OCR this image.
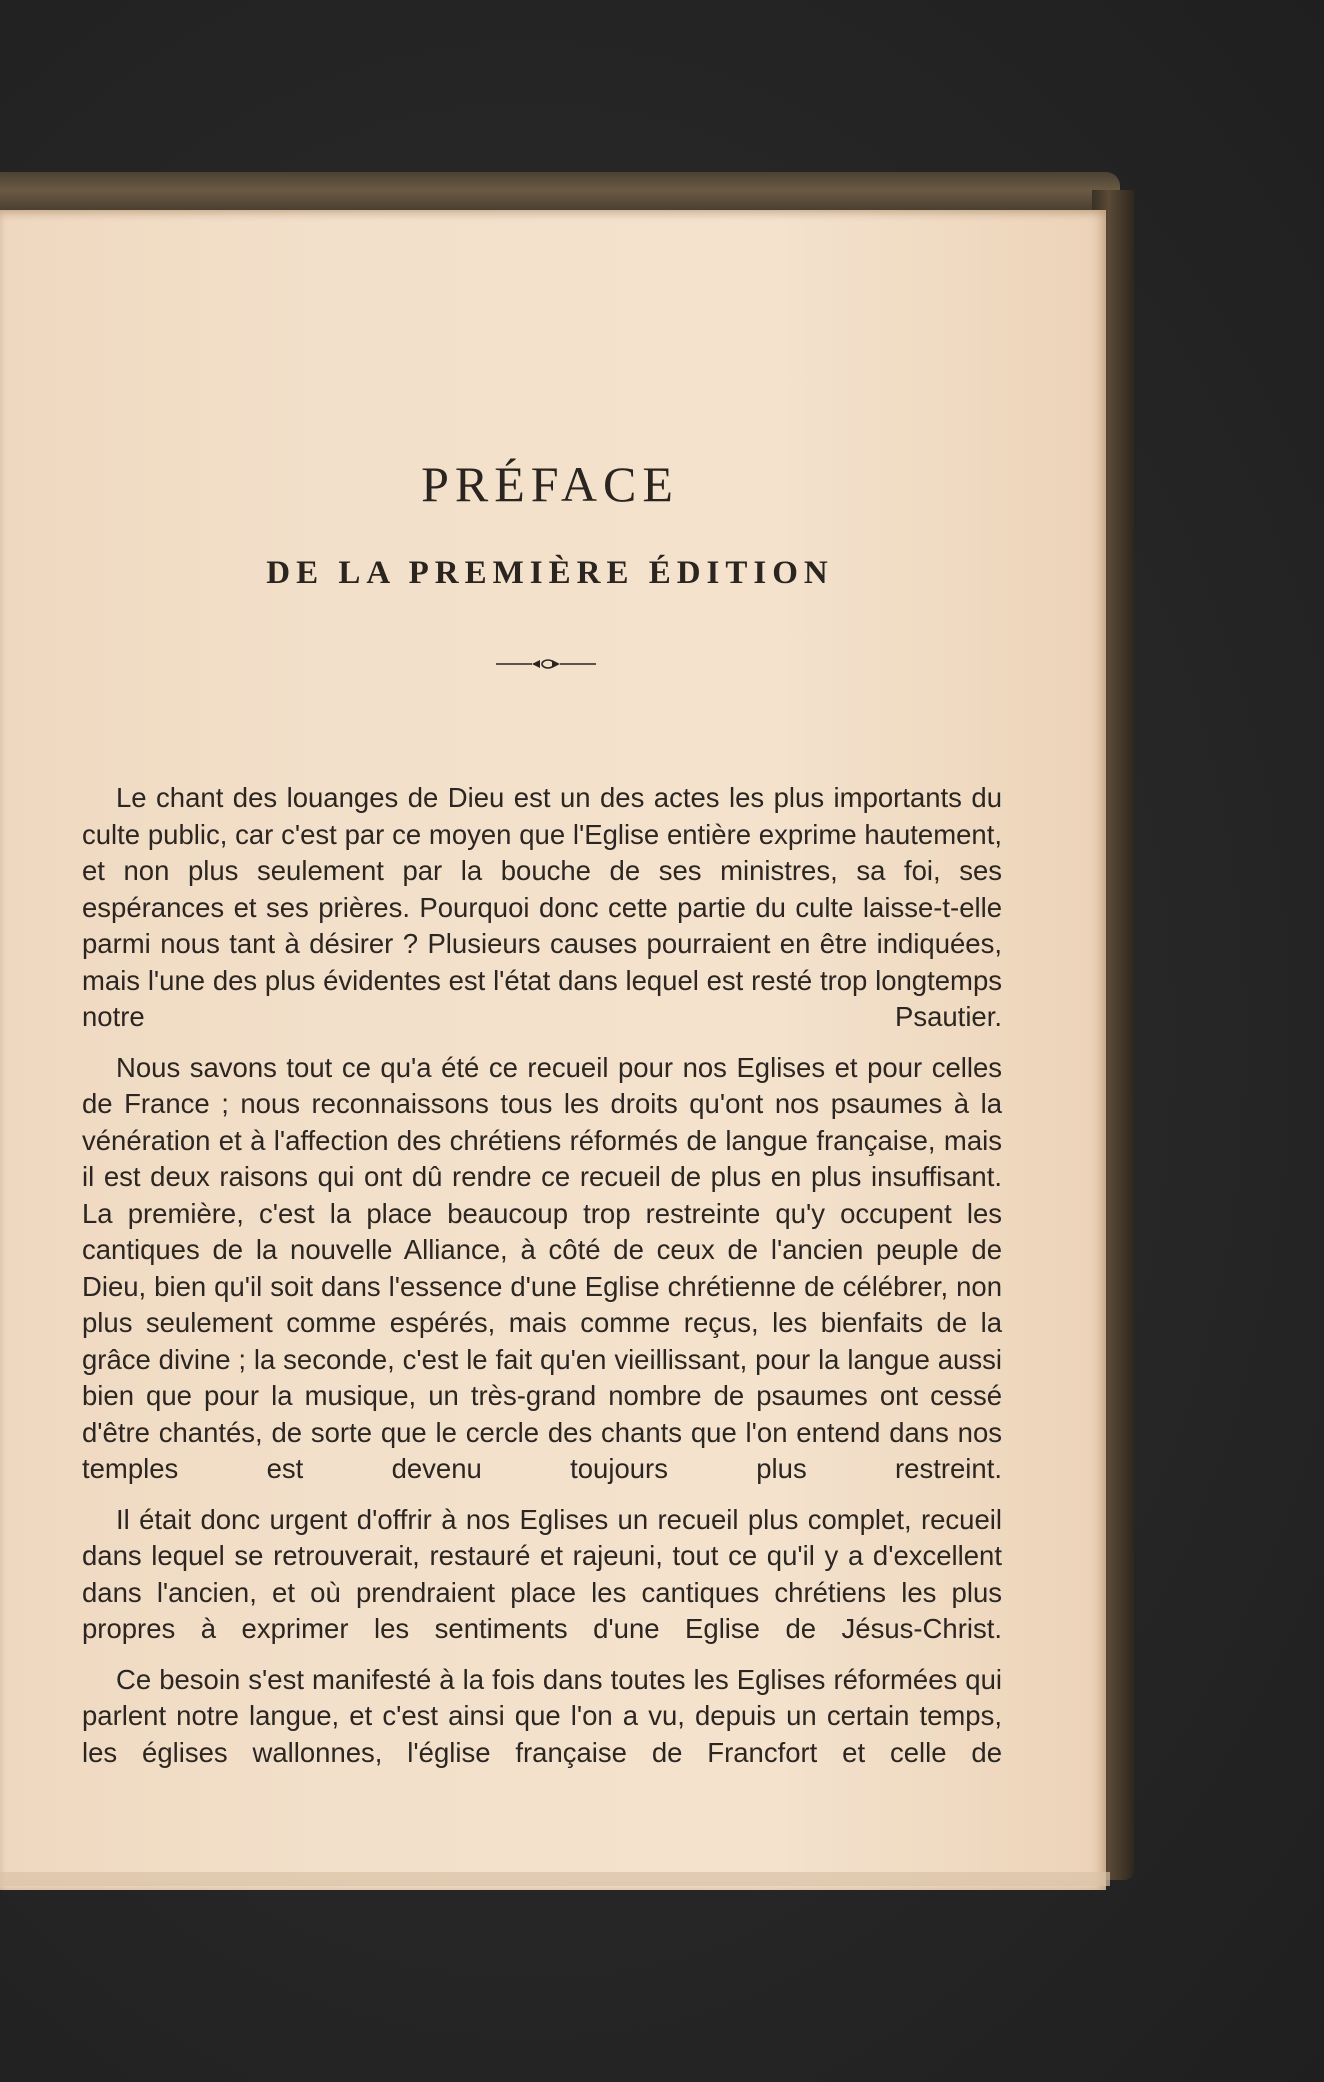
PRÉFACE
DE LA PREMIÈRE ÉDITION

Le chant des louanges de Dieu est un des actes les plus importants du culte public, car c'est par ce moyen que l'Eglise entière exprime hautement, et non plus seulement par la bouche de ses ministres, sa foi, ses espérances et ses prières. Pourquoi donc cette partie du culte laisse-t-elle parmi nous tant à désirer ? Plusieurs causes pourraient en être indiquées, mais l'une des plus évidentes est l'état dans lequel est resté trop longtemps notre Psautier.

Nous savons tout ce qu'a été ce recueil pour nos Eglises et pour celles de France ; nous reconnaissons tous les droits qu'ont nos psaumes à la vénération et à l'affection des chrétiens réformés de langue française, mais il est deux raisons qui ont dû rendre ce recueil de plus en plus insuffisant. La première, c'est la place beaucoup trop restreinte qu'y occupent les cantiques de la nouvelle Alliance, à côté de ceux de l'ancien peuple de Dieu, bien qu'il soit dans l'essence d'une Eglise chrétienne de célébrer, non plus seulement comme espérés, mais comme reçus, les bienfaits de la grâce divine ; la seconde, c'est le fait qu'en vieillissant, pour la langue aussi bien que pour la musique, un très-grand nombre de psaumes ont cessé d'être chantés, de sorte que le cercle des chants que l'on entend dans nos temples est devenu toujours plus restreint.

Il était donc urgent d'offrir à nos Eglises un recueil plus complet, recueil dans lequel se retrouverait, restauré et rajeuni, tout ce qu'il y a d'excellent dans l'ancien, et où prendraient place les cantiques chrétiens les plus propres à exprimer les sentiments d'une Eglise de Jésus-Christ.

Ce besoin s'est manifesté à la fois dans toutes les Eglises réformées qui parlent notre langue, et c'est ainsi que l'on a vu, depuis un certain temps, les églises wallonnes, l'église française de Francfort et celle de
